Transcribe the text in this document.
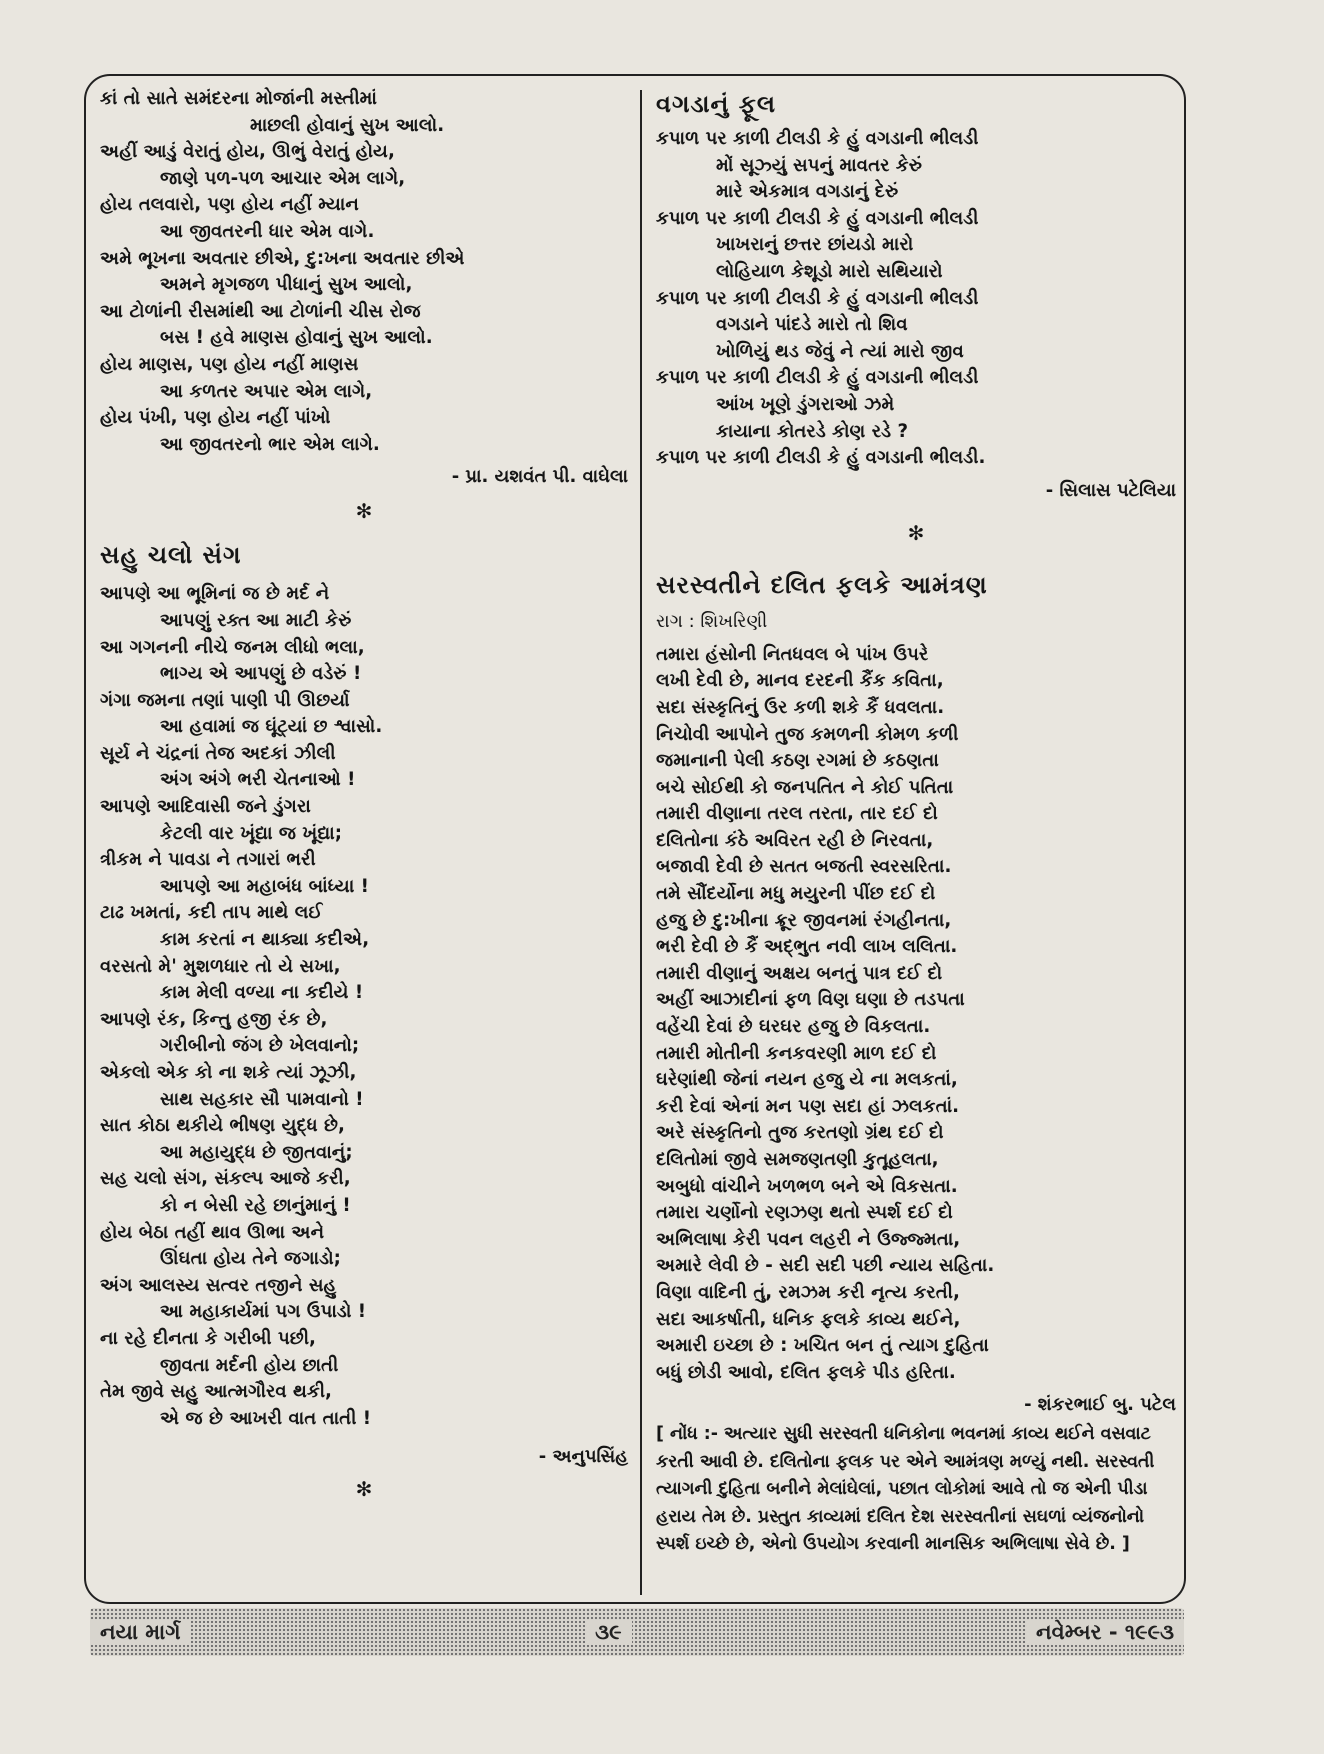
કાં તો સાતે સમંદરના મોજાંની મસ્તીમાં
માછલી હોવાનું સુખ આલો.
અહીં આડું વેરાતું હોય, ઊભું વેરાતું હોય,
જાણે પળ-પળ આચાર એમ લાગે,
હોય તલવારો, પણ હોય નહીં મ્યાન
આ જીવતરની ધાર એમ વાગે.
અમે ભૂખના અવતાર છીએ, દુ:ખના અવતાર છીએ
અમને મૃગજળ પીધાનું સુખ આલો,
આ ટોળાંની રીસમાંથી આ ટોળાંની ચીસ રોજ
બસ ! હવે માણસ હોવાનું સુખ આલો.
હોય માણસ, પણ હોય નહીં માણસ
આ કળતર અપાર એમ લાગે,
હોય પંખી, પણ હોય નહીં પાંખો
આ જીવતરનો ભાર એમ લાગે.
- પ્રા. યશવંત પી. વાઘેલા
✻
સહુ ચલો સંગ
આપણે આ ભૂમિનાં જ છે મર્દ ને
આપણું રક્ત આ માટી કેરું
આ ગગનની નીચે જનમ લીધો ભલા,
ભાગ્ય એ આપણું છે વડેરું !
ગંગા જમના તણાં પાણી પી ઊછર્યા
આ હવામાં જ ઘૂંટ્યાં છ શ્વાસો.
સૂર્ય ને ચંદ્રનાં તેજ અદકાં ઝીલી
અંગ અંગે ભરી ચેતનાઓ !
આપણે આદિવાસી જને ડુંગરા
કેટલી વાર ખૂંદ્યા જ ખૂંદ્યા;
ત્રીકમ ને પાવડા ને તગારાં ભરી
આપણે આ મહાબંધ બાંધ્યા !
ટાઢ ખમતાં, કદી તાપ માથે લઈ
કામ કરતાં ન થાક્યા કદીએ,
વરસતો મે' મુશળધાર તો યે સખા,
કામ મેલી વળ્યા ના કદીયે !
આપણે રંક, કિન્તુ હજી રંક છે,
ગરીબીનો જંગ છે ખેલવાનો;
એકલો એક કો ના શકે ત્યાં ઝૂઝી,
સાથ સહકાર સૌ પામવાનો !
સાત કોઠા થકીયે ભીષણ યુદ્ધ છે,
આ મહાયુદ્ધ છે જીતવાનું;
સહ ચલો સંગ, સંકલ્પ આજે કરી,
કો ન બેસી રહે છાનુંમાનું !
હોય બેઠા તહીં થાવ ઊભા અને
ઊંઘતા હોય તેને જગાડો;
અંગ આલસ્ય સત્વર તજીને સહુ
આ મહાકાર્યમાં પગ ઉપાડો !
ના રહે દીનતા કે ગરીબી પછી,
જીવતા મર્દની હોય છાતી
તેમ જીવે સહુ આત્મગૌરવ થકી,
એ જ છે આખરી વાત તાતી !
- અનુપસિંહ
✻
વગડાનું ફૂલ
કપાળ પર કાળી ટીલડી કે હું વગડાની ભીલડી
મોં સૂઝ્યું સપનું માવતર કેરું
મારે એકમાત્ર વગડાનું દેરું
કપાળ પર કાળી ટીલડી કે હું વગડાની ભીલડી
ખાખરાનું છત્તર છાંયડો મારો
લોહિયાળ કેશૂડો મારો સથિયારો
કપાળ પર કાળી ટીલડી કે હું વગડાની ભીલડી
વગડાને પાંદડે મારો તો શિવ
ખોળિયું થડ જેવું ને ત્યાં મારો જીવ
કપાળ પર કાળી ટીલડી કે હું વગડાની ભીલડી
આંખ ખૂણે ડુંગરાઓ ઝમે
કાયાના કોતરડે કોણ રડે ?
કપાળ પર કાળી ટીલડી કે હું વગડાની ભીલડી.
- સિલાસ પટેલિયા
✻
સરસ્વતીને દલિત ફલકે આમંત્રણ

રાગ : શિખરિણી

તમારા હંસોની નિતધવલ બે પાંખ ઉપરે
લખી દેવી છે, માનવ દરદની કૈંક કવિતા,
સદા સંસ્કૃતિનું ઉર કળી શકે કૈં ધવલતા.
નિચોવી આપોને તુજ કમળની કોમળ કળી
જમાનાની પેલી કઠણ રગમાં છે કઠણતા
બચે સોઈથી કો જનપતિત ને કોઈ પતિતા
તમારી વીણાના તરલ તરતા, તાર દઈ દો
દલિતોના કંઠે અવિરત રહી છે નિરવતા,
બજાવી દેવી છે સતત બજતી સ્વરસરિતા.
તમે સૌંદર્યોના મધુ મયુરની પીંછ દઈ દો
હજુ છે દુ:ખીના ક્રૂર જીવનમાં રંગહીનતા,
ભરી દેવી છે કૈં અદ્ભુત નવી લાખ લલિતા.
તમારી વીણાનું અક્ષય બનતું પાત્ર દઈ દો
અહીં આઝાદીનાં ફળ વિણ ઘણા છે તડપતા
વહેંચી દેવાં છે ઘરઘર હજુ છે વિકલતા.
તમારી મોતીની કનકવરણી માળ દઈ દો
ઘરેણાંથી જેનાં નયન હજુ યે ના મલકતાં,
કરી દેવાં એનાં મન પણ સદા હાં ઝલકતાં.
અરે સંસ્કૃતિનો તુજ કરતણો ગ્રંથ દઈ દો
દલિતોમાં જીવે સમજણતણી કુતૂહલતા,
અબુધો વાંચીને ખળભળ બને એ વિકસતા.
તમારા ચર્ણોનો રણઝણ થતો સ્પર્શ દઈ દો
અભિલાષા કેરી પવન લહરી ને ઉજ્જ્મતા,
અમારે લેવી છે - સદી સદી પછી ન્યાય સહિતા.
વિણા વાદિની તું, રમઝમ કરી નૃત્ય કરતી,
સદા આકર્ષાતી, ધનિક ફલકે કાવ્ય થઈને,
અમારી ઇચ્છા છે : ખચિત બન તું ત્યાગ દુહિતા
બધું છોડી આવો, દલિત ફલકે પીડ હરિતા.
- શંકરભાઈ બુ. પટેલ
[ નોંધ :- અત્યાર સુધી સરસ્વતી ધનિકોના ભવનમાં કાવ્ય થઈને વસવાટ
કરતી આવી છે. દલિતોના ફલક પર એને આમંત્રણ મળ્યું નથી. સરસ્વતી
ત્યાગની દુહિતા બનીને મેલાંઘેલાં, પછાત લોકોમાં આવે તો જ એની પીડા
હરાય તેમ છે. પ્રસ્તુત કાવ્યમાં દલિત દેશ સરસ્વતીનાં સઘળાં વ્યંજનોનો
સ્પર્શ ઇચ્છે છે, એનો ઉપયોગ કરવાની માનસિક અભિલાષા સેવે છે. ]
નયા માર્ગ	૩૯	નવેમ્બર - ૧૯૯૩
